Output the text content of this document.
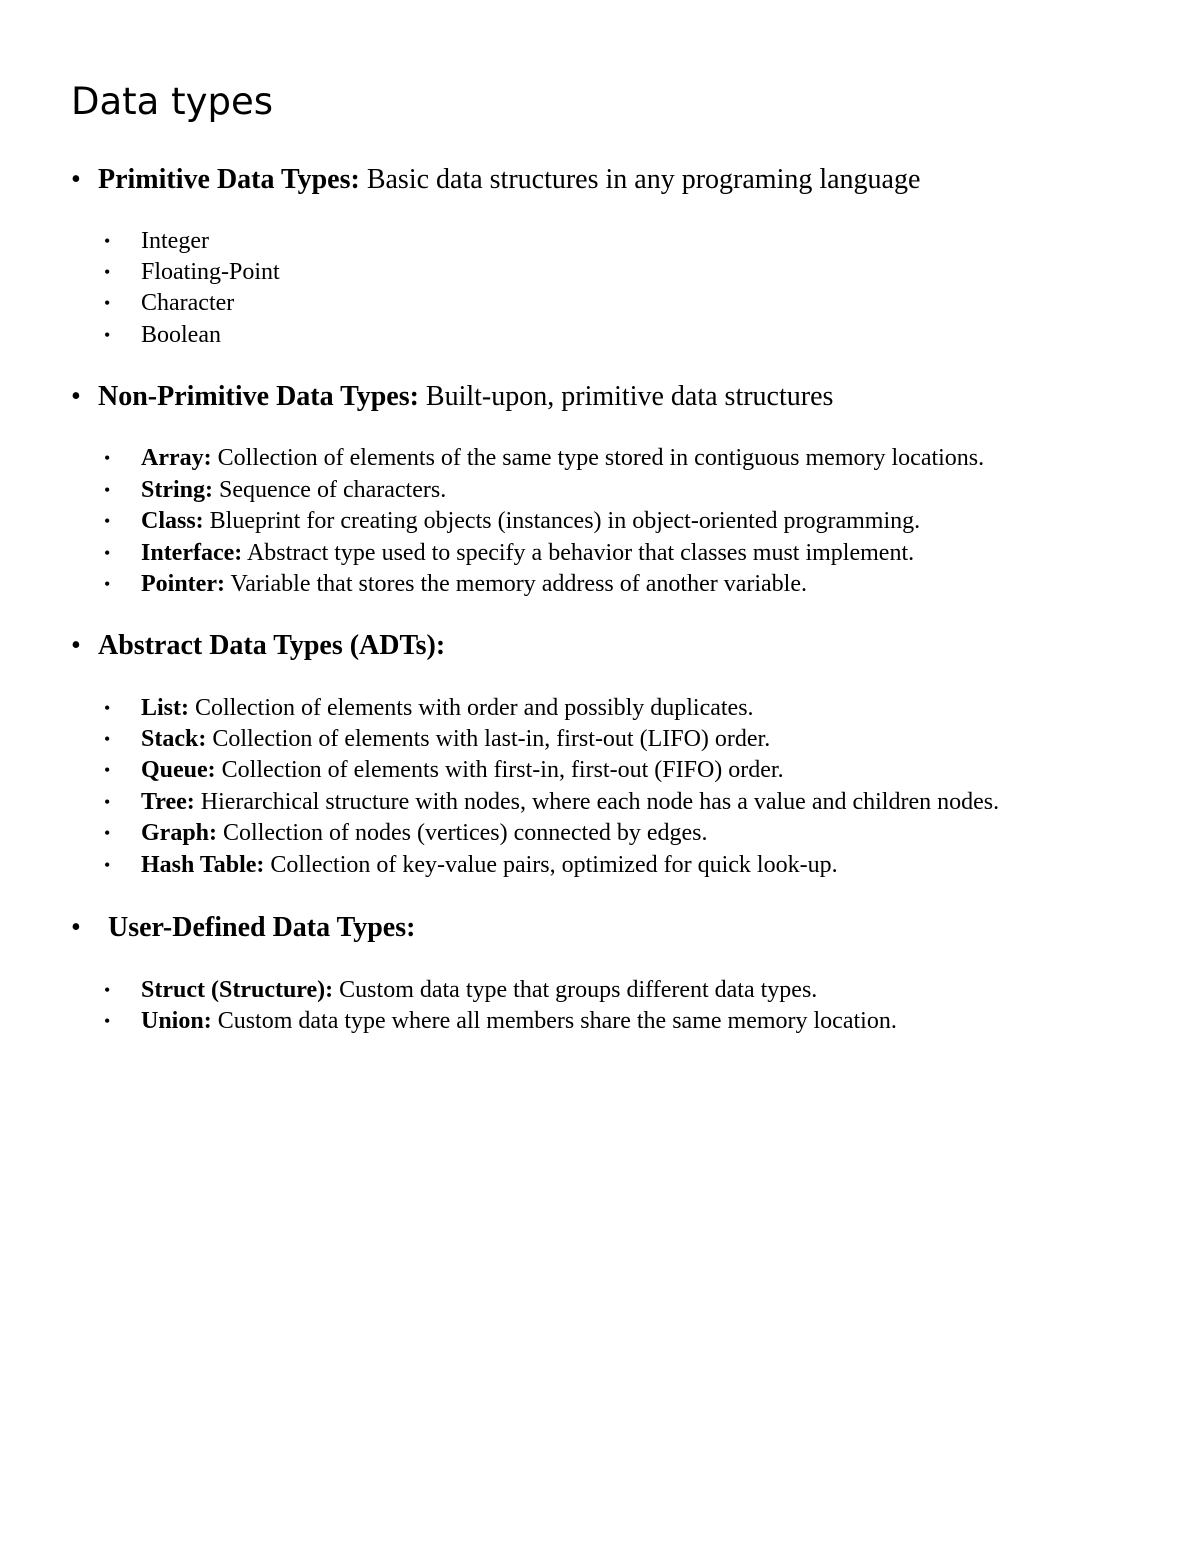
Data types
• Primitive Data Types: Basic data structures in any programing language
• Integer
• Floating-Point
• Character
• Boolean
• Non-Primitive Data Types: Built-upon, primitive data structures
• Array: Collection of elements of the same type stored in contiguous memory locations.
• String: Sequence of characters.
• Class: Blueprint for creating objects (instances) in object-oriented programming.
• Interface: Abstract type used to specify a behavior that classes must implement.
• Pointer: Variable that stores the memory address of another variable.
• Abstract Data Types (ADTs):
• List: Collection of elements with order and possibly duplicates.
• Stack: Collection of elements with last-in, first-out (LIFO) order.
• Queue: Collection of elements with first-in, first-out (FIFO) order.
• Tree: Hierarchical structure with nodes, where each node has a value and children nodes.
• Graph: Collection of nodes (vertices) connected by edges.
• Hash Table: Collection of key-value pairs, optimized for quick look-up.
• User-Defined Data Types:
• Struct (Structure): Custom data type that groups different data types.
• Union: Custom data type where all members share the same memory location.
